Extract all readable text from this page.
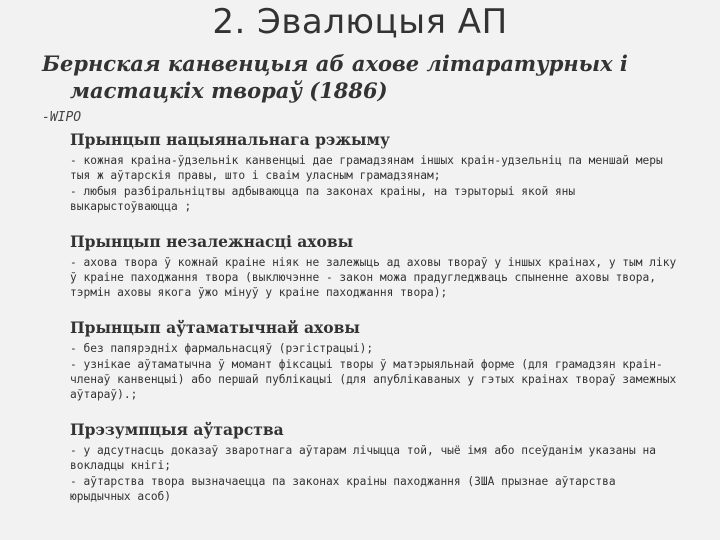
2. Эвалюцыя АП
Бернская канвенцыя аб ахове літаратурных і мастацкіх твораў (1886)
-WIPO
Прынцып нацыянальнага рэжыму
- кожная краіна-ўдзельнік канвенцыі дае грамадзянам іншых краін-удзельніц па меншай меры тыя ж аўтарскія правы, што і сваім уласным грамадзянам;
- любыя разбіральніцтвы адбываюцца па законах краіны, на тэрыторыі якой яны выкарыстоўваюцца ;
Прынцып незалежнасці аховы
- ахова твора ў кожнай краіне ніяк не залежыць ад аховы твораў у іншых краінах, у тым ліку ў краіне паходжання твора (выключэнне - закон можа прадугледжваць спыненне аховы твора, тэрмін аховы якога ўжо мінуў у краіне паходжання твора);
Прынцып аўтаматычнай аховы
- без папярэдніх фармальнасцяў (рэгістрацыі);
- узнікае аўтаматычна ў момант фіксацыі творы ў матэрыяльнай форме (для грамадзян краін-членаў канвенцыі) або першай публікацыі (для апублікаваных у гэтых краінах твораў замежных аўтараў).;
Прэзумпцыя аўтарства
- у адсутнасць доказаў зваротнага аўтарам лічыцца той, чыё імя або псеўданім указаны на вокладцы кнігі;
- аўтарства твора вызначаецца па законах краіны паходжання (ЗША прызнае аўтарства юрыдычных асоб)
